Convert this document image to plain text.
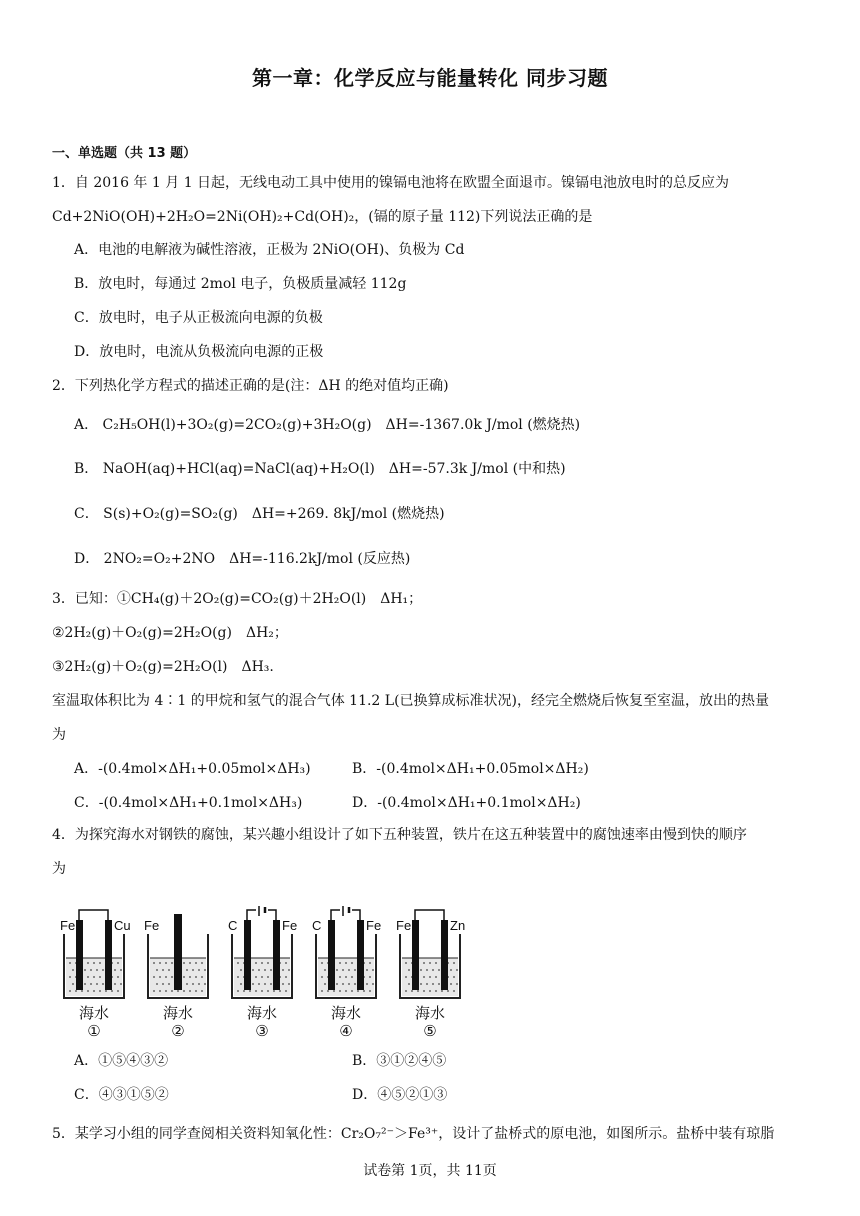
第一章：化学反应与能量转化 同步习题
一、单选题（共 13 题）
1．自 2016 年 1 月 1 日起，无线电动工具中使用的镍镉电池将在欧盟全面退市。镍镉电池放电时的总反应为
Cd+2NiO(OH)+2H₂O=2Ni(OH)₂+Cd(OH)₂，(镉的原子量 112)下列说法正确的是
A．电池的电解液为碱性溶液，正极为 2NiO(OH)、负极为 Cd
B．放电时，每通过 2mol 电子，负极质量减轻 112g
C．放电时，电子从正极流向电源的负极
D．放电时，电流从负极流向电源的正极
2．下列热化学方程式的描述正确的是(注：ΔH 的绝对值均正确)
A． C₂H₅OH(l)+3O₂(g)=2CO₂(g)+3H₂O(g)　ΔH=-1367.0k J/mol (燃烧热)
B． NaOH(aq)+HCl(aq)=NaCl(aq)+H₂O(l)　ΔH=-57.3k J/mol (中和热)
C． S(s)+O₂(g)=SO₂(g)　ΔH=+269. 8kJ/mol (燃烧热)
D． 2NO₂=O₂+2NO　ΔH=-116.2kJ/mol (反应热)
3．已知：①CH₄(g)＋2O₂(g)=CO₂(g)＋2H₂O(l)　ΔH₁；
②2H₂(g)＋O₂(g)=2H₂O(g)　ΔH₂；
③2H₂(g)＋O₂(g)=2H₂O(l)　ΔH₃.
室温取体积比为 4∶1 的甲烷和氢气的混合气体 11.2 L(已换算成标准状况)，经完全燃烧后恢复至室温，放出的热量
为
A．-(0.4mol×ΔH₁+0.05mol×ΔH₃)	B．-(0.4mol×ΔH₁+0.05mol×ΔH₂)
C．-(0.4mol×ΔH₁+0.1mol×ΔH₃)	D．-(0.4mol×ΔH₁+0.1mol×ΔH₂)
4．为探究海水对钢铁的腐蚀，某兴趣小组设计了如下五种装置，铁片在这五种装置中的腐蚀速率由慢到快的顺序
为
Fe	Cu
海水
①
Fe
海水
②
C	Fe
海水
③
C	Fe
海水
④
Fe	Zn
海水
⑤
A．①⑤④③②	B．③①②④⑤
C．④③①⑤②	D．④⑤②①③
5．某学习小组的同学查阅相关资料知氧化性：Cr₂O₇²⁻＞Fe³⁺，设计了盐桥式的原电池，如图所示。盐桥中装有琼脂
试卷第 1页，共 11页
